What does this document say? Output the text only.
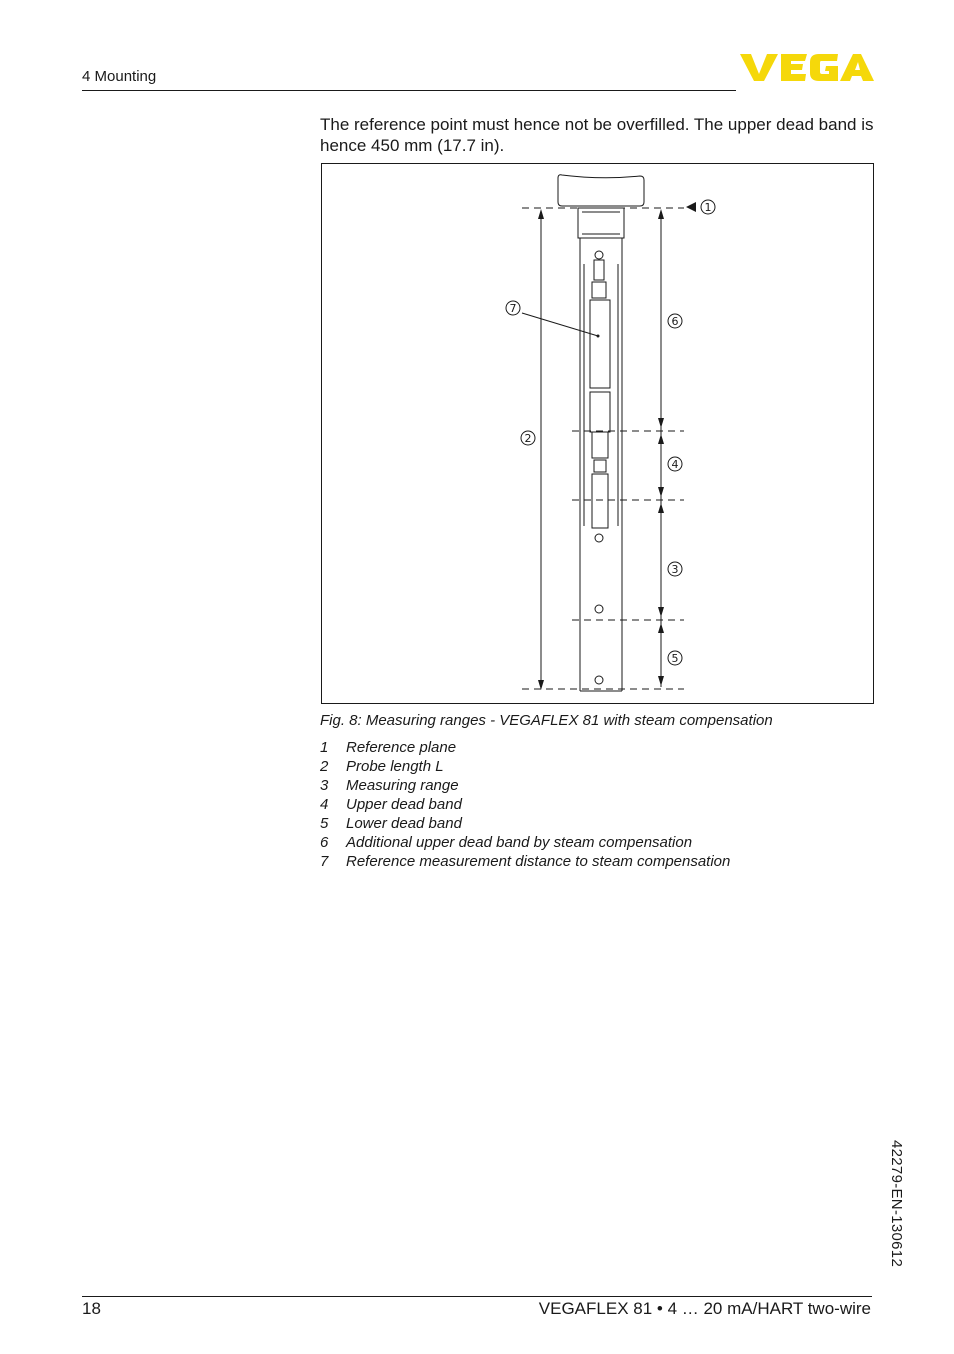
4 Mounting
The reference point must hence not be overfilled. The upper dead band is hence 450 mm (17.7 in).
1
7
6
2
4
3
5
Fig. 8: Measuring ranges - VEGAFLEX 81 with steam compensation
1 Reference plane
2 Probe length L
3 Measuring range
4 Upper dead band
5 Lower dead band
6 Additional upper dead band by steam compensation
7 Reference measurement distance to steam compensation
42279-EN-130612
18	VEGAFLEX 81 • 4 … 20 mA/HART two-wire
